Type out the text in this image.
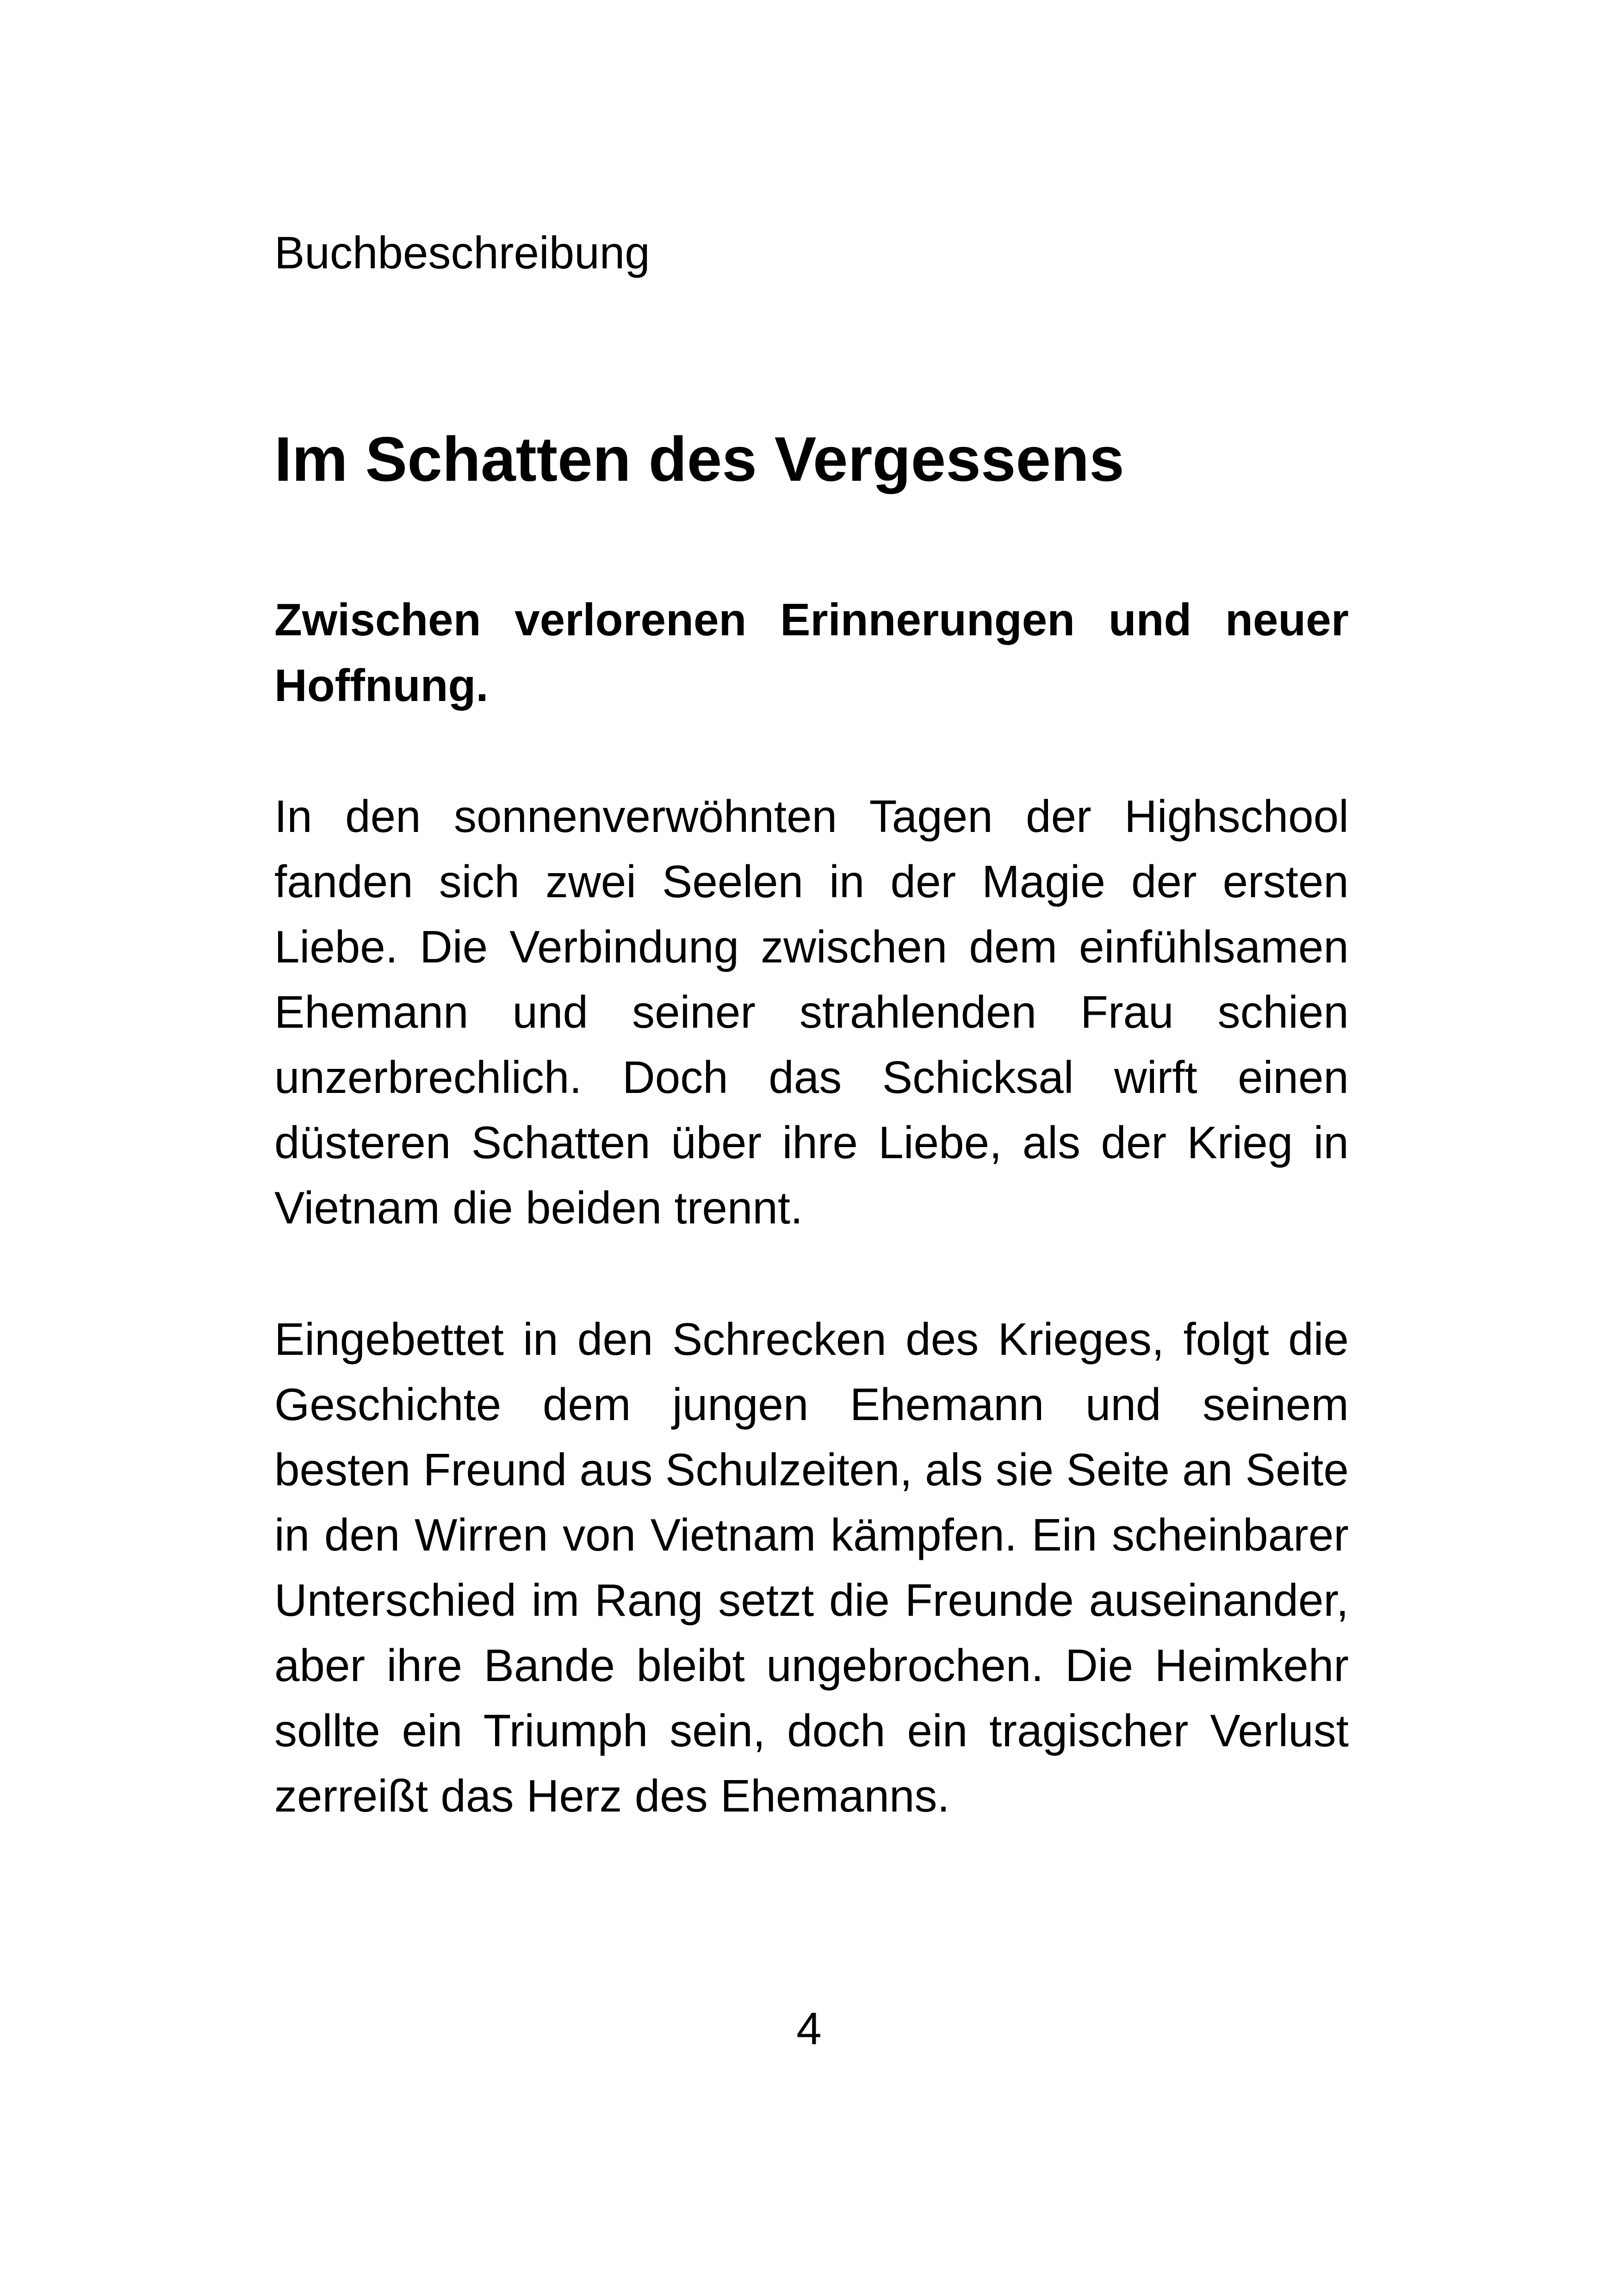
Buchbeschreibung
Im Schatten des Vergessens

Zwischen verlorenen Erinnerungen und neuer Hoffnung.

In den sonnenverwöhnten Tagen der Highschool fanden sich zwei Seelen in der Magie der ersten Liebe. Die Verbindung zwischen dem einfühlsamen Ehemann und seiner strahlenden Frau schien unzerbrechlich. Doch das Schicksal wirft einen düsteren Schatten über ihre Liebe, als der Krieg in Vietnam die beiden trennt.

Eingebettet in den Schrecken des Krieges, folgt die Geschichte dem jungen Ehemann und seinem besten Freund aus Schulzeiten, als sie Seite an Seite in den Wirren von Vietnam kämpfen. Ein scheinbarer Unterschied im Rang setzt die Freunde auseinander, aber ihre Bande bleibt ungebrochen. Die Heimkehr sollte ein Triumph sein, doch ein tragischer Verlust zerreißt das Herz des Ehemanns.

4
